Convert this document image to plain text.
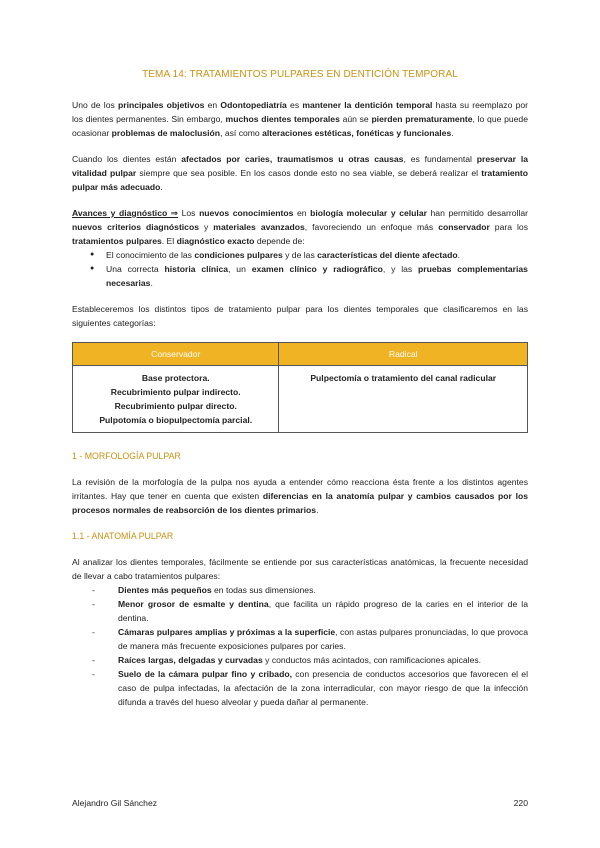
TEMA 14: TRATAMIENTOS PULPARES EN DENTICIÓN TEMPORAL

Uno de los principales objetivos en Odontopediatría es mantener la dentición temporal hasta su reemplazo por los dientes permanentes. Sin embargo, muchos dientes temporales aún se pierden prematuramente, lo que puede ocasionar problemas de maloclusión, así como alteraciones estéticas, fonéticas y funcionales.

Cuando los dientes están afectados por caries, traumatismos u otras causas, es fundamental preservar la vitalidad pulpar siempre que sea posible. En los casos donde esto no sea viable, se deberá realizar el tratamiento pulpar más adecuado.

Avances y diagnóstico ⇒ Los nuevos conocimientos en biología molecular y celular han permitido desarrollar nuevos criterios diagnósticos y materiales avanzados, favoreciendo un enfoque más conservador para los tratamientos pulpares. El diagnóstico exacto depende de:

● El conocimiento de las condiciones pulpares y de las características del diente afectado.
● Una correcta historia clínica, un examen clínico y radiográfico, y las pruebas complementarias necesarias.

Estableceremos los distintos tipos de tratamiento pulpar para los dientes temporales que clasificaremos en las siguientes categorías:

Conservador	Radical

Base protectora.
Recubrimiento pulpar indirecto.
Recubrimiento pulpar directo.
Pulpotomía o biopulpectomía parcial.	Pulpectomía o tratamiento del canal radicular
1 - MORFOLOGÍA PULPAR

La revisión de la morfología de la pulpa nos ayuda a entender cómo reacciona ésta frente a los distintos agentes irritantes. Hay que tener en cuenta que existen diferencias en la anatomía pulpar y cambios causados por los procesos normales de reabsorción de los dientes primarios.

1.1 - ANATOMÍA PULPAR

Al analizar los dientes temporales, fácilmente se entiende por sus características anatómicas, la frecuente necesidad de llevar a cabo tratamientos pulpares:

- Dientes más pequeños en todas sus dimensiones.
- Menor grosor de esmalte y dentina, que facilita un rápido progreso de la caries en el interior de la dentina.
- Cámaras pulpares amplias y próximas a la superficie, con astas pulpares pronunciadas, lo que provoca de manera más frecuente exposiciones pulpares por caries.
- Raíces largas, delgadas y curvadas y conductos más acintados, con ramificaciones apicales.
- Suelo de la cámara pulpar fino y cribado, con presencia de conductos accesorios que favorecen el el caso de pulpa infectadas, la afectación de la zona interradicular, con mayor riesgo de que la infección difunda a través del hueso alveolar y pueda dañar al permanente.
Alejandro Gil Sánchez	220
